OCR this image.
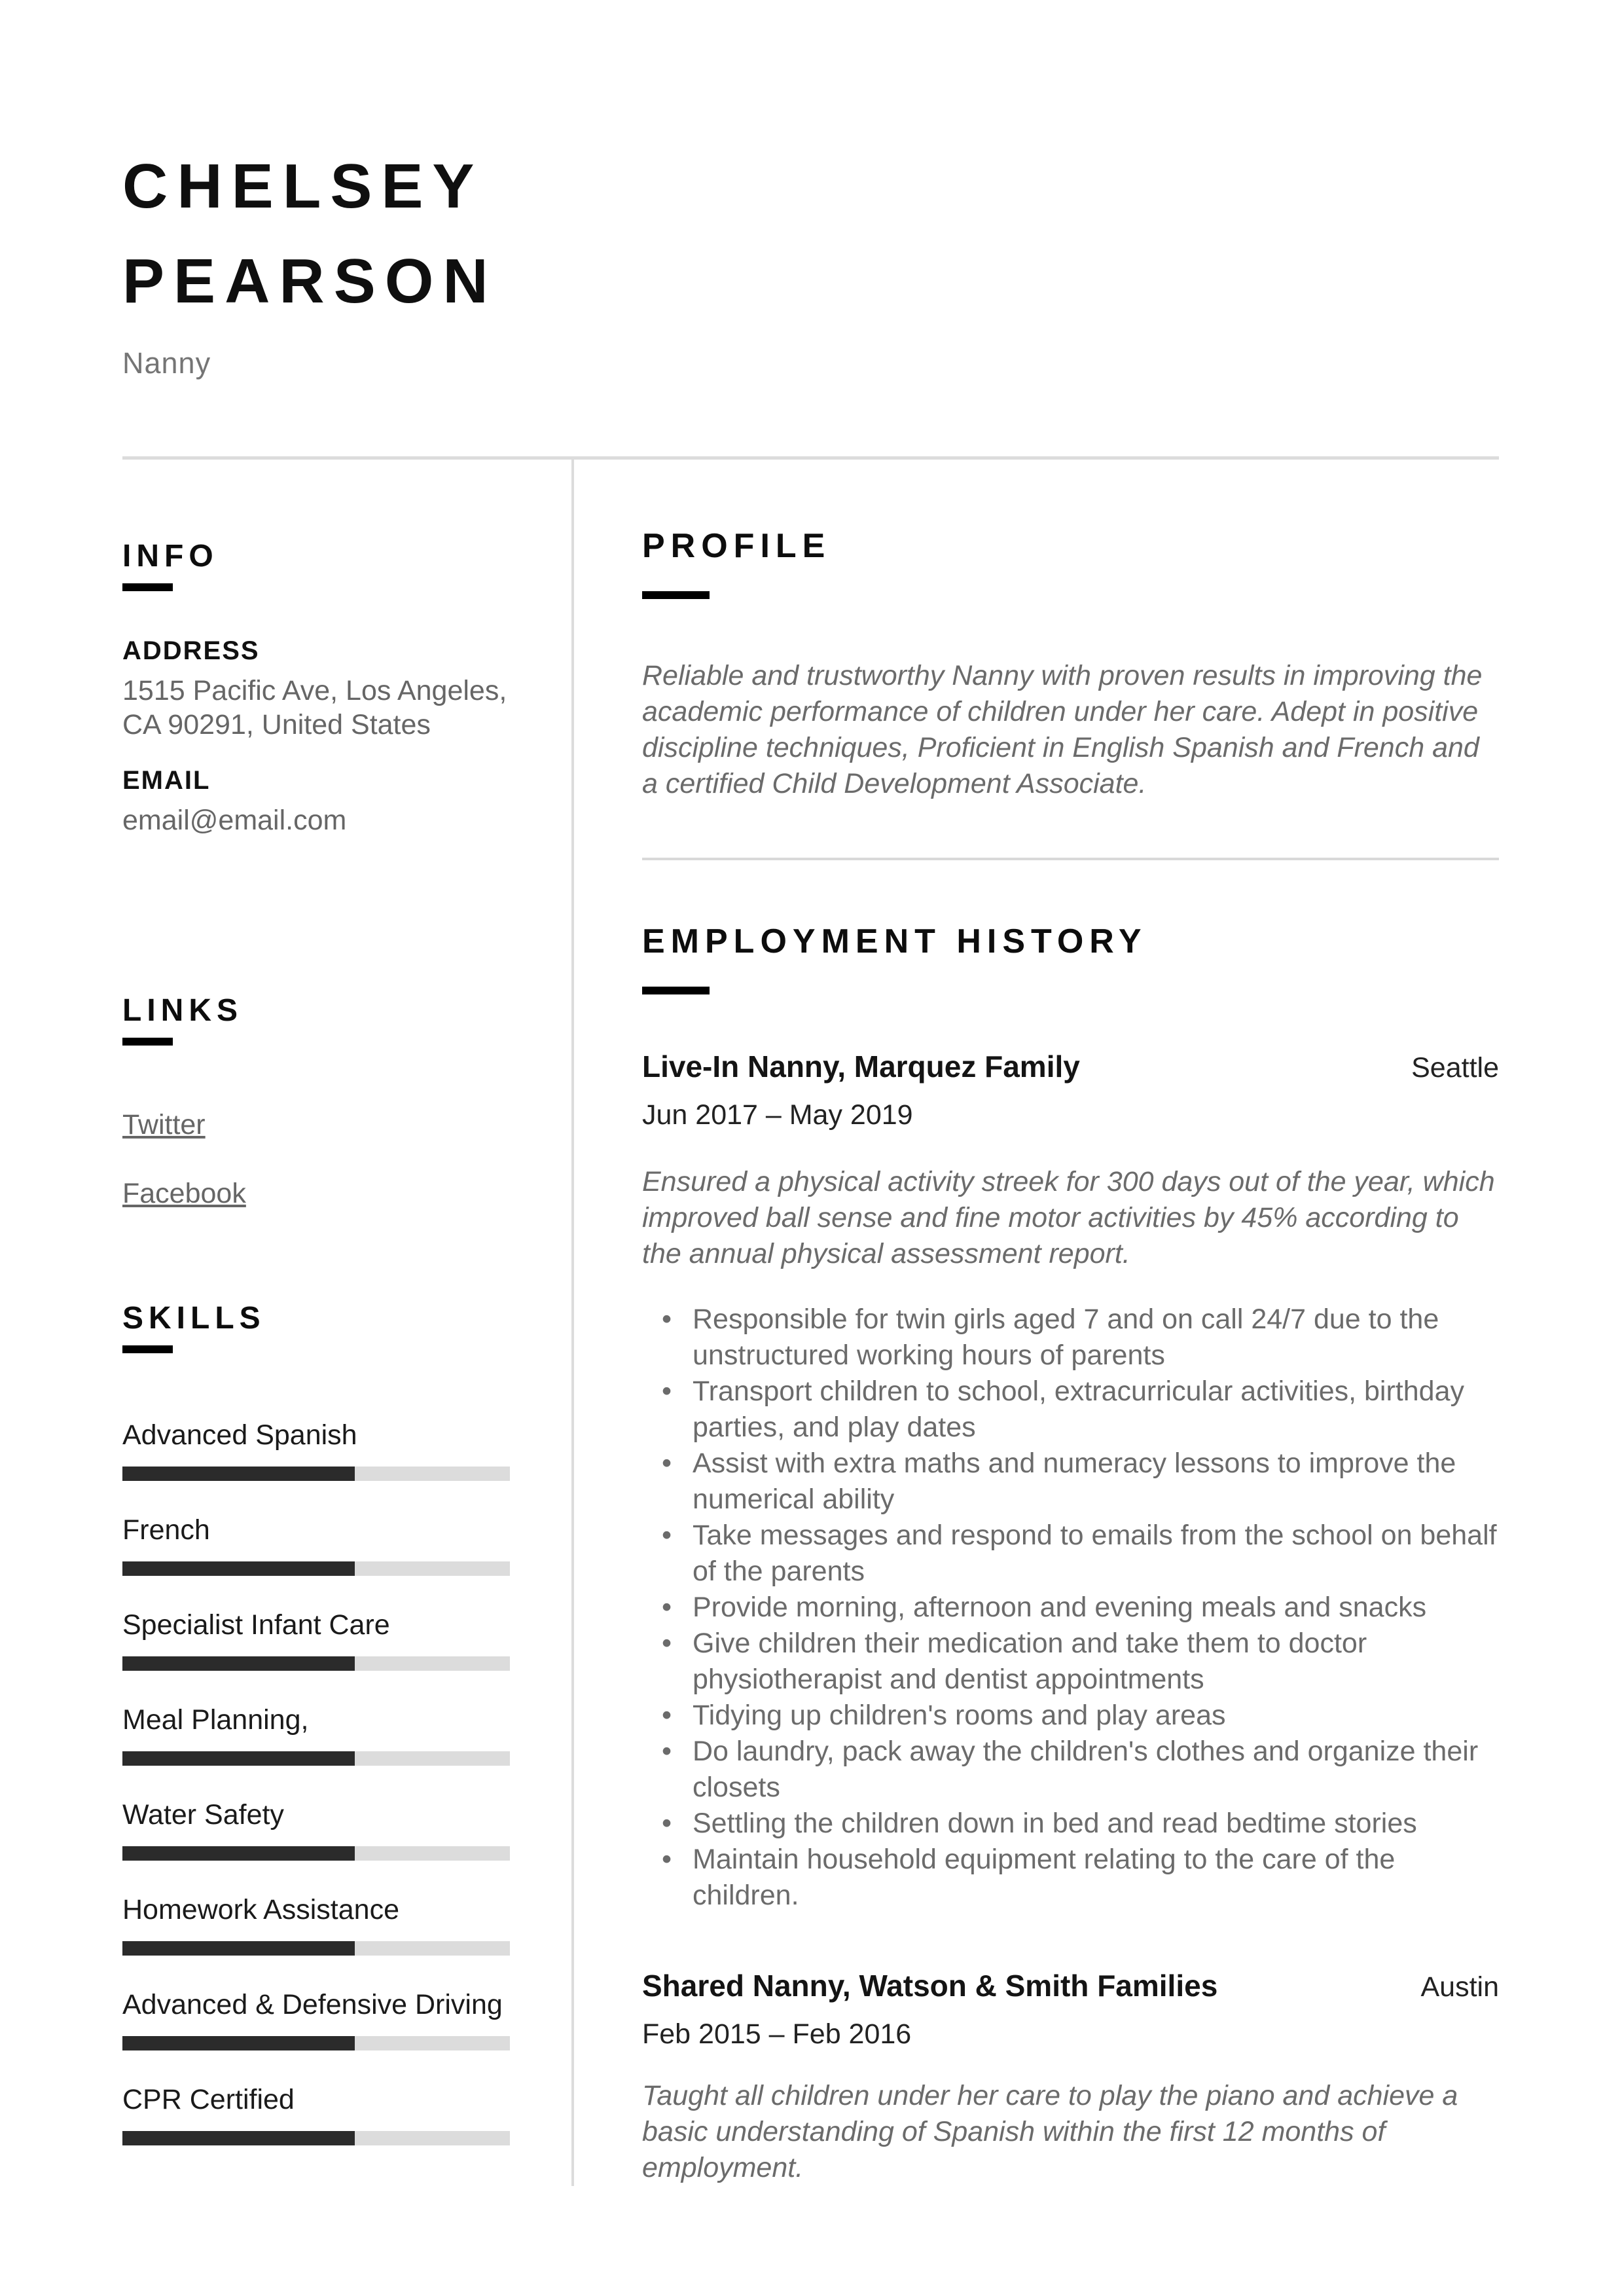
CHELSEY
PEARSON
Nanny
INFO
ADDRESS
1515 Pacific Ave, Los Angeles,
CA 90291, United States
EMAIL
email@email.com
LINKS
Twitter
Facebook
SKILLS
Advanced Spanish
French
Specialist Infant Care
Meal Planning,
Water Safety
Homework Assistance
Advanced & Defensive Driving
CPR Certified
PROFILE
Reliable and trustworthy Nanny with proven results in improving the academic performance of children under her care. Adept in positive discipline techniques, Proficient in English Spanish and French and a certified Child Development Associate.
EMPLOYMENT HISTORY
Live-In Nanny, Marquez Family	Seattle
Jun 2017 – May 2019
Ensured a physical activity streek for 300 days out of the year, which improved ball sense and fine motor activities by 45% according to the annual physical assessment report.
• Responsible for twin girls aged 7 and on call 24/7 due to the unstructured working hours of parents
• Transport children to school, extracurricular activities, birthday parties, and play dates
• Assist with extra maths and numeracy lessons to improve the numerical ability
• Take messages and respond to emails from the school on behalf of the parents
• Provide morning, afternoon and evening meals and snacks
• Give children their medication and take them to doctor physiotherapist and dentist appointments
• Tidying up children's rooms and play areas
• Do laundry, pack away the children's clothes and organize their closets
• Settling the children down in bed and read bedtime stories
• Maintain household equipment relating to the care of the children.
Shared Nanny, Watson & Smith Families	Austin
Feb 2015 – Feb 2016
Taught all children under her care to play the piano and achieve a basic understanding of Spanish within the first 12 months of employment.
